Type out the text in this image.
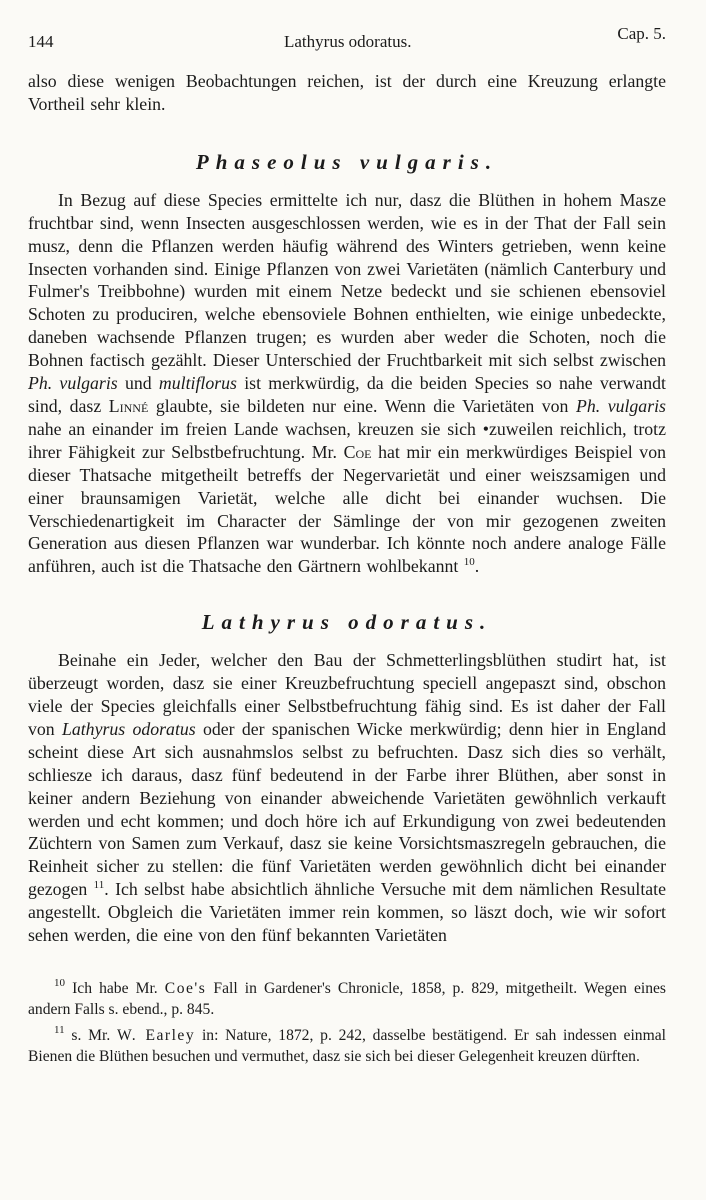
144	Lathyrus odoratus.	Cap. 5.

also diese wenigen Beobachtungen reichen, ist der durch eine Kreuzung erlangte Vortheil sehr klein.

Phaseolus vulgaris.

In Bezug auf diese Species ermittelte ich nur, dasz die Blüthen in hohem Masze fruchtbar sind, wenn Insecten ausgeschlossen werden, wie es in der That der Fall sein musz, denn die Pflanzen werden häufig während des Winters getrieben, wenn keine Insecten vorhanden sind. Einige Pflanzen von zwei Varietäten (nämlich Canterbury und Fulmer's Treibbohne) wurden mit einem Netze bedeckt und sie schienen ebensoviel Schoten zu produciren, welche ebensoviele Bohnen enthielten, wie einige unbedeckte, daneben wachsende Pflanzen trugen; es wurden aber weder die Schoten, noch die Bohnen factisch gezählt. Dieser Unterschied der Fruchtbarkeit mit sich selbst zwischen Ph. vulgaris und multiflorus ist merkwürdig, da die beiden Species so nahe verwandt sind, dasz Linné glaubte, sie bildeten nur eine. Wenn die Varietäten von Ph. vulgaris nahe an einander im freien Lande wachsen, kreuzen sie sich •zuweilen reichlich, trotz ihrer Fähigkeit zur Selbstbefruchtung. Mr. Coe hat mir ein merkwürdiges Beispiel von dieser Thatsache mitgetheilt betreffs der Negervarietät und einer weiszsamigen und einer braunsamigen Varietät, welche alle dicht bei einander wuchsen. Die Verschiedenartigkeit im Character der Sämlinge der von mir gezogenen zweiten Generation aus diesen Pflanzen war wunderbar. Ich könnte noch andere analoge Fälle anführen, auch ist die Thatsache den Gärtnern wohlbekannt $^{10}$.

Lathyrus odoratus.

Beinahe ein Jeder, welcher den Bau der Schmetterlingsblüthen studirt hat, ist überzeugt worden, dasz sie einer Kreuzbefruchtung speciell angepaszt sind, obschon viele der Species gleichfalls einer Selbstbefruchtung fähig sind. Es ist daher der Fall von Lathyrus odoratus oder der spanischen Wicke merkwürdig; denn hier in England scheint diese Art sich ausnahmslos selbst zu befruchten. Dasz sich dies so verhält, schliesze ich daraus, dasz fünf bedeutend in der Farbe ihrer Blüthen, aber sonst in keiner andern Beziehung von einander abweichende Varietäten gewöhnlich verkauft werden und echt kommen; und doch höre ich auf Erkundigung von zwei bedeutenden Züchtern von Samen zum Verkauf, dasz sie keine Vorsichtsmaszregeln gebrauchen, die Reinheit sicher zu stellen: die fünf Varietäten werden gewöhnlich dicht bei einander gezogen $^{11}$. Ich selbst habe absichtlich ähnliche Versuche mit dem nämlichen Resultate angestellt. Obgleich die Varietäten immer rein kommen, so läszt doch, wie wir sofort sehen werden, die eine von den fünf bekannten Varietäten

$^{10}$ Ich habe Mr. Coe's Fall in Gardener's Chronicle, 1858, p. 829, mitgetheilt. Wegen eines andern Falls s. ebend., p. 845.

$^{11}$ s. Mr. W. Earley in: Nature, 1872, p. 242, dasselbe bestätigend. Er sah indessen einmal Bienen die Blüthen besuchen und vermuthet, dasz sie sich bei dieser Gelegenheit kreuzen dürften.
